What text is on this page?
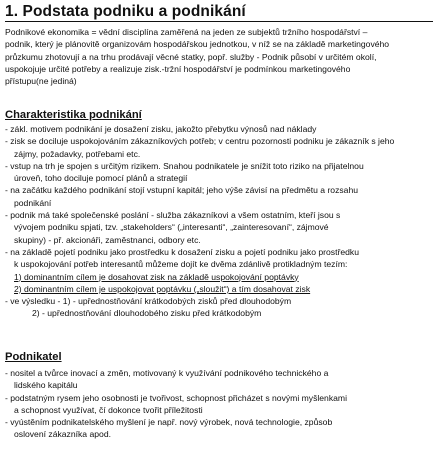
1. Podstata podniku a podnikání

Podnikové ekonomika = vědní disciplína zaměřená na jeden ze subjektů tržního hospodářství –
podnik, který je plánovitě organizovám hospodářskou jednotkou, v níž se na základě marketingového
průzkumu zhotovují a na trhu prodávají věcné statky, popř. služby - Podnik působí v určitém okolí,
uspokojuje určité potřeby a realizuje zisk.-tržní hospodářství je podmínkou marketingového
přístupu(ne jediná)

Charakteristika podnikání
- zákl. motivem podnikání je dosažení zisku, jakožto přebytku výnosů nad náklady
- zisk se dociluje uspokojováním zákazníkových potřeb; v centru pozornosti podniku je zákazník s jeho
zájmy, požadavky, potřebami etc.
- vstup na trh je spojen s určitým rizikem. Snahou podnikatele je snížit toto riziko na přijatelnou
úroveň, toho dociluje pomocí plánů a strategií
- na začátku každého podnikání stojí vstupní kapitál; jeho výše závisí na předmětu a rozsahu
podnikání
- podnik má také společenské poslání - služba zákazníkovi a všem ostatním, kteří jsou s
vývojem podniku spjati, tzv. „stakeholders“ („interesanti“, „zainteresovaní“, zájmové
skupiny) - př. akcionáři, zaměstnanci, odbory etc.
- na základě pojetí podniku jako prostředku k dosažení zisku a pojetí podniku jako prostředku
k uspokojování potřeb interesantů můžeme dojít ke dvěma zdánlivě protikladným tezím:
1) dominantním cílem je dosahovat zisk na základě uspokojování poptávky
2) dominantním cílem je uspokojovat poptávku („sloužit“) a tím dosahovat zisk
- ve výsledku - 1) - upřednostňování krátkodobých zisků před dlouhodobým
2) - upřednostňování dlouhodobého zisku před krátkodobým
Podnikatel
- nositel a tvůrce inovací a změn, motivovaný k využívání podnikového technického a
lidského kapitálu
- podstatným rysem jeho osobnosti je tvořivost, schopnost přicházet s novými myšlenkami
a schopnost využívat, čí dokonce tvořit příležitosti
- vyústěním podnikatelského myšlení je např. nový výrobek, nová technologie, způsob
oslovení zákazníka apod.
